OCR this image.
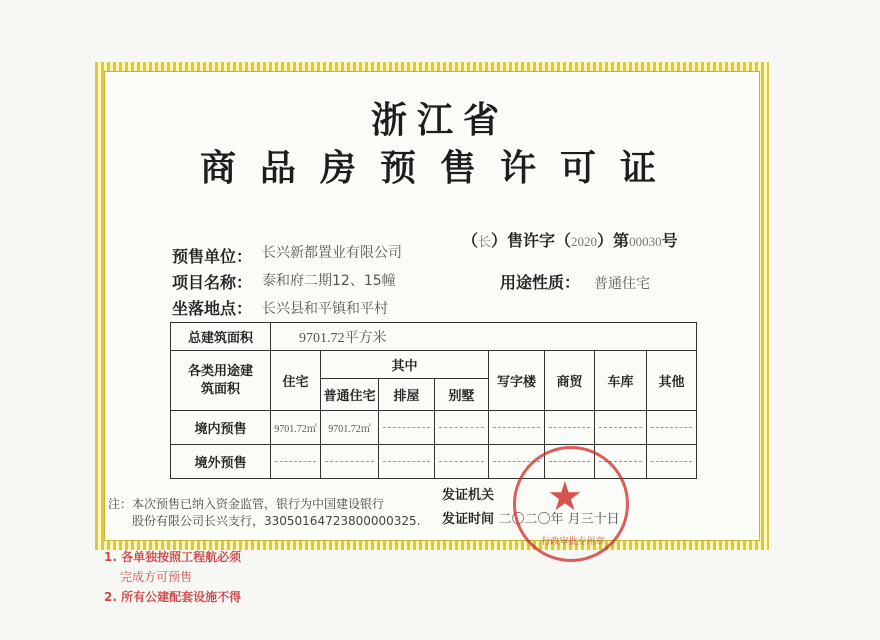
浙江省
商品房预售许可证
（长）售许字（2020）第00030号
预售单位： 长兴新都置业有限公司
项目名称： 泰和府二期12、15幢	用途性质： 普通住宅
坐落地点： 长兴县和平镇和平村
总建筑面积	9701.72平方米							
各类用途建筑面积	住宅	其中			写字楼	商贸	车库	其他
		普通住宅	排屋	别墅				
境内预售	9701.72㎡	9701.72㎡	

境外预售	

注：本次预售已纳入资金监管，银行为中国建设银行
股份有限公司长兴支行，33050164723800000325.
发证机关
发证时间 二〇二〇年 月三十日
★
行政审批专用章
1. 各单独按照工程航必须
完成方可预售
2. 所有公建配套设施不得
